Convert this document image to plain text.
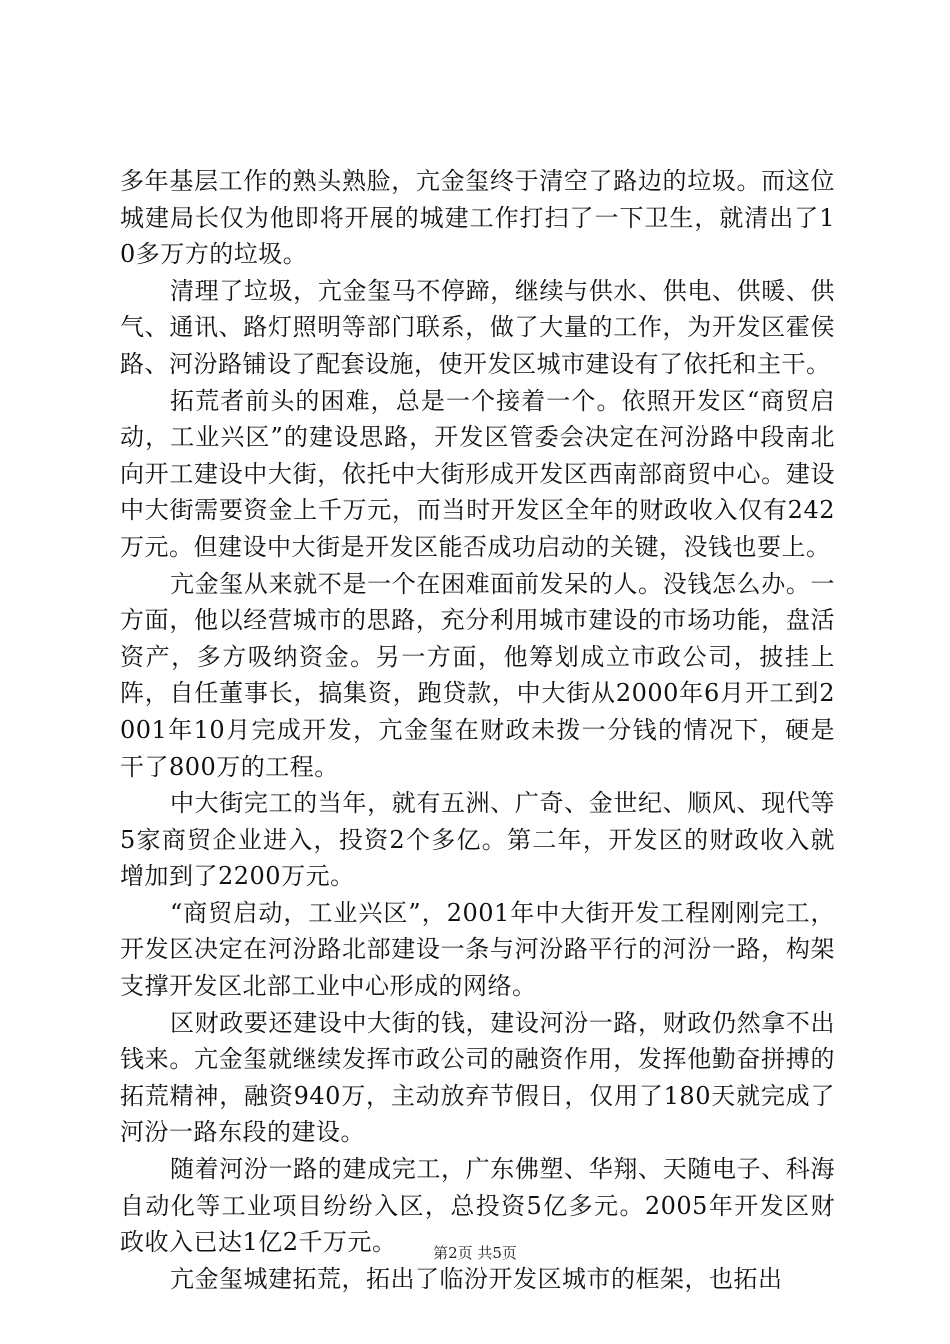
多年基层工作的熟头熟脸，亢金玺终于清空了路边的垃圾。而这位城建局长仅为他即将开展的城建工作打扫了一下卫生，就清出了10多万方的垃圾。

清理了垃圾，亢金玺马不停蹄，继续与供水、供电、供暖、供气、通讯、路灯照明等部门联系，做了大量的工作，为开发区霍侯路、河汾路铺设了配套设施，使开发区城市建设有了依托和主干。

拓荒者前头的困难，总是一个接着一个。依照开发区“商贸启动，工业兴区”的建设思路，开发区管委会决定在河汾路中段南北向开工建设中大街，依托中大街形成开发区西南部商贸中心。建设中大街需要资金上千万元，而当时开发区全年的财政收入仅有242万元。但建设中大街是开发区能否成功启动的关键，没钱也要上。

亢金玺从来就不是一个在困难面前发呆的人。没钱怎么办。一方面，他以经营城市的思路，充分利用城市建设的市场功能，盘活资产，多方吸纳资金。另一方面，他筹划成立市政公司，披挂上阵，自任董事长，搞集资，跑贷款，中大街从2000年6月开工到2001年10月完成开发，亢金玺在财政未拨一分钱的情况下，硬是干了800万的工程。

中大街完工的当年，就有五洲、广奇、金世纪、顺风、现代等5家商贸企业进入，投资2个多亿。第二年，开发区的财政收入就增加到了2200万元。

“商贸启动，工业兴区”，2001年中大街开发工程刚刚完工，开发区决定在河汾路北部建设一条与河汾路平行的河汾一路，构架支撑开发区北部工业中心形成的网络。

区财政要还建设中大街的钱，建设河汾一路，财政仍然拿不出钱来。亢金玺就继续发挥市政公司的融资作用，发挥他勤奋拼搏的拓荒精神，融资940万，主动放弃节假日，仅用了180天就完成了河汾一路东段的建设。

随着河汾一路的建成完工，广东佛塑、华翔、天随电子、科海自动化等工业项目纷纷入区，总投资5亿多元。2005年开发区财政收入已达1亿2千万元。

亢金玺城建拓荒，拓出了临汾开发区城市的框架，也拓出

第2页 共5页
